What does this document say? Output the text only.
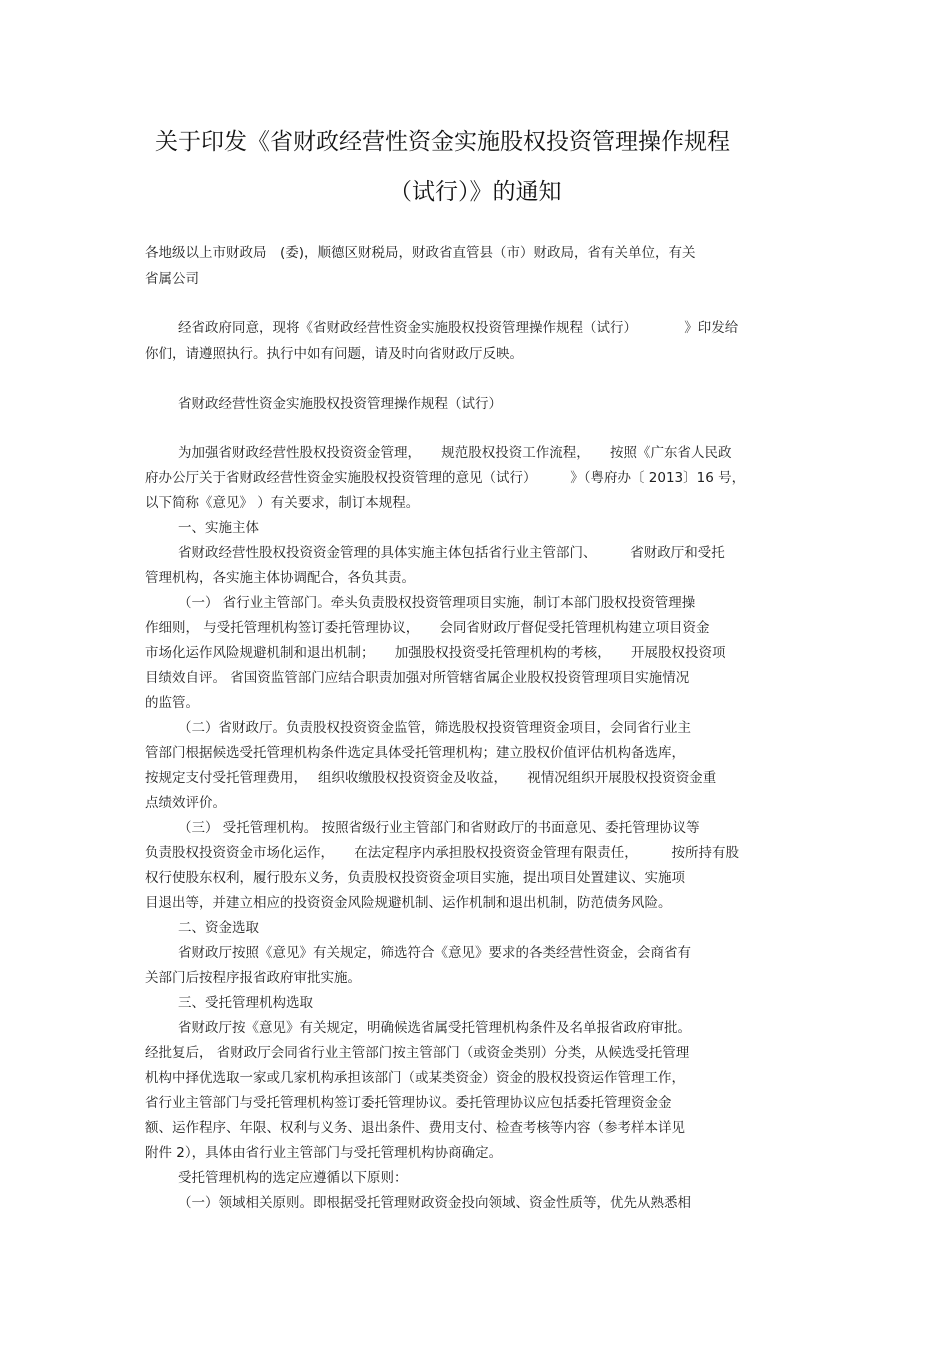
关于印发《省财政经营性资金实施股权投资管理操作规程
（试行）》的通知
各地级以上市财政局　(委)，顺德区财税局，财政省直管县（市）财政局，省有关单位，有关
省属公司
经省政府同意，现将《省财政经营性资金实施股权投资管理操作规程（试行）　　　　》印发给
你们，请遵照执行。执行中如有问题，请及时向省财政厅反映。
省财政经营性资金实施股权投资管理操作规程（试行）
为加强省财政经营性股权投资资金管理，　　规范股权投资工作流程，　　按照《广东省人民政
府办公厅关于省财政经营性资金实施股权投资管理的意见（试行）　　　》（粤府办〔 2013〕16 号，
以下简称《意见》 ）有关要求，制订本规程。
一、实施主体
省财政经营性股权投资资金管理的具体实施主体包括省行业主管部门、　　　省财政厅和受托
管理机构，各实施主体协调配合，各负其责。
（一） 省行业主管部门。牵头负责股权投资管理项目实施，制订本部门股权投资管理操
作细则， 与受托管理机构签订委托管理协议，　　会同省财政厅督促受托管理机构建立项目资金
市场化运作风险规避机制和退出机制；　　加强股权投资受托管理机构的考核，　　开展股权投资项
目绩效自评。 省国资监管部门应结合职责加强对所管辖省属企业股权投资管理项目实施情况
的监管。
（二）省财政厅。负责股权投资资金监管，筛选股权投资管理资金项目，会同省行业主
管部门根据候选受托管理机构条件选定具体受托管理机构；建立股权价值评估机构备选库，
按规定支付受托管理费用，　 组织收缴股权投资资金及收益，　　视情况组织开展股权投资资金重
点绩效评价。
（三） 受托管理机构。 按照省级行业主管部门和省财政厅的书面意见、委托管理协议等
负责股权投资资金市场化运作，　　在法定程序内承担股权投资资金管理有限责任，　　　按所持有股
权行使股东权利，履行股东义务，负责股权投资资金项目实施，提出项目处置建议、实施项
目退出等，并建立相应的投资资金风险规避机制、运作机制和退出机制，防范债务风险。
二、资金选取
省财政厅按照《意见》有关规定，筛选符合《意见》要求的各类经营性资金，会商省有
关部门后按程序报省政府审批实施。
三、受托管理机构选取
省财政厅按《意见》有关规定，明确候选省属受托管理机构条件及名单报省政府审批。
经批复后， 省财政厅会同省行业主管部门按主管部门（或资金类别）分类，从候选受托管理
机构中择优选取一家或几家机构承担该部门（或某类资金）资金的股权投资运作管理工作，
省行业主管部门与受托管理机构签订委托管理协议。委托管理协议应包括委托管理资金金
额、运作程序、年限、权利与义务、退出条件、费用支付、检查考核等内容（参考样本详见
附件 2），具体由省行业主管部门与受托管理机构协商确定。
受托管理机构的选定应遵循以下原则：
（一）领域相关原则。即根据受托管理财政资金投向领域、资金性质等，优先从熟悉相
